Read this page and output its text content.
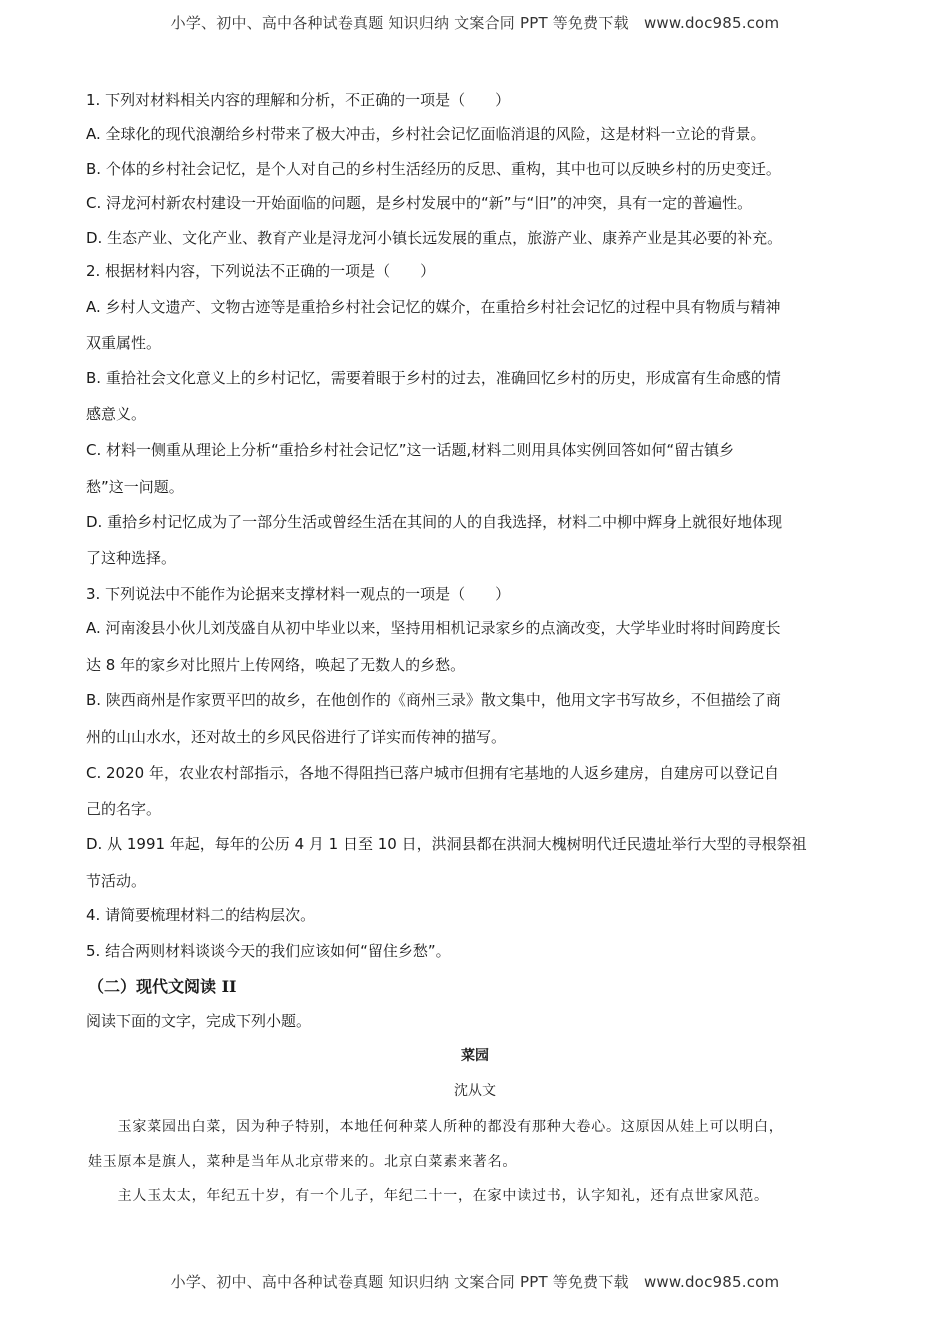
小学、初中、高中各种试卷真题 知识归纳 文案合同 PPT 等免费下载　www.doc985.com
1. 下列对材料相关内容的理解和分析，不正确的一项是（　　）
A. 全球化的现代浪潮给乡村带来了极大冲击，乡村社会记忆面临消退的风险，这是材料一立论的背景。
B. 个体的乡村社会记忆，是个人对自己的乡村生活经历的反思、重构，其中也可以反映乡村的历史变迁。
C. 浔龙河村新农村建设一开始面临的问题，是乡村发展中的“新”与“旧”的冲突，具有一定的普遍性。
D. 生态产业、文化产业、教育产业是浔龙河小镇长远发展的重点，旅游产业、康养产业是其必要的补充。
2. 根据材料内容，下列说法不正确的一项是（　　）
A. 乡村人文遗产、文物古迹等是重拾乡村社会记忆的媒介，在重拾乡村社会记忆的过程中具有物质与精神
双重属性。
B. 重拾社会文化意义上的乡村记忆，需要着眼于乡村的过去，准确回忆乡村的历史，形成富有生命感的情
感意义。
C. 材料一侧重从理论上分析“重拾乡村社会记忆”这一话题,材料二则用具体实例回答如何“留古镇乡
愁”这一问题。
D. 重拾乡村记忆成为了一部分生活或曾经生活在其间的人的自我选择，材料二中柳中辉身上就很好地体现
了这种选择。
3. 下列说法中不能作为论据来支撑材料一观点的一项是（　　）
A. 河南浚县小伙儿刘茂盛自从初中毕业以来，坚持用相机记录家乡的点滴改变，大学毕业时将时间跨度长
达 8 年的家乡对比照片上传网络，唤起了无数人的乡愁。
B. 陕西商州是作家贾平凹的故乡，在他创作的《商州三录》散文集中，他用文字书写故乡，不但描绘了商
州的山山水水，还对故土的乡风民俗进行了详实而传神的描写。
C. 2020 年，农业农村部指示，各地不得阻挡已落户城市但拥有宅基地的人返乡建房，自建房可以登记自
己的名字。
D. 从 1991 年起，每年的公历 4 月 1 日至 10 日，洪洞县都在洪洞大槐树明代迁民遗址举行大型的寻根祭祖
节活动。
4. 请简要梳理材料二的结构层次。
5. 结合两则材料谈谈今天的我们应该如何“留住乡愁”。
（二）现代文阅读 II
阅读下面的文字，完成下列小题。
菜园
沈从文
　　玉家菜园出白菜，因为种子特别，本地任何种菜人所种的都没有那种大卷心。这原因从娃上可以明白，
娃玉原本是旗人，菜种是当年从北京带来的。北京白菜素来著名。
　　主人玉太太，年纪五十岁，有一个儿子，年纪二十一，在家中读过书，认字知礼，还有点世家风范。
小学、初中、高中各种试卷真题 知识归纳 文案合同 PPT 等免费下载　www.doc985.com
